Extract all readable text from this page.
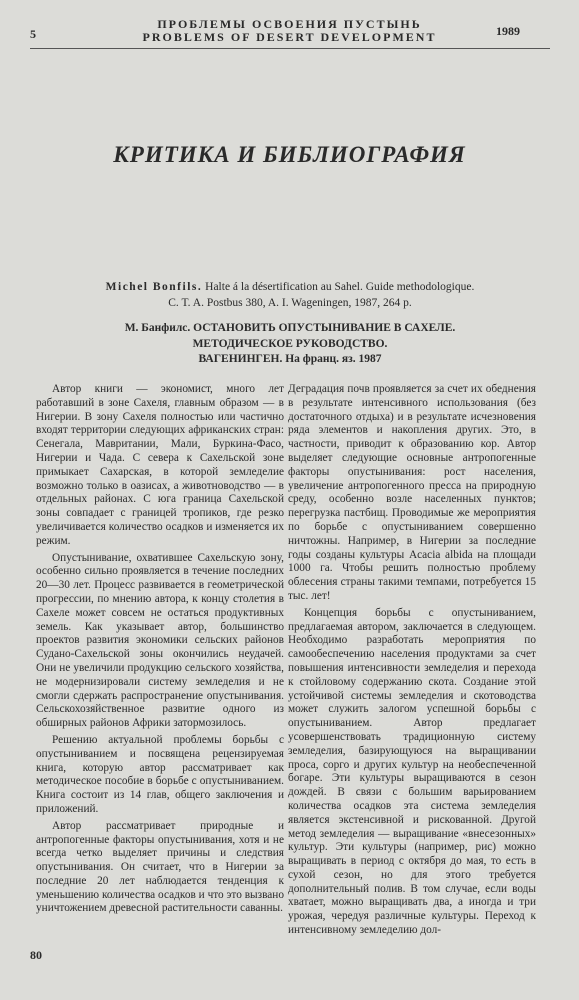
5
ПРОБЛЕМЫ ОСВОЕНИЯ ПУСТЫНЬ
PROBLEMS OF DESERT DEVELOPMENT	1989
КРИТИКА И БИБЛИОГРАФИЯ
Michel Bonfils. Halte á la désertification au Sahel. Guide methodologique.
C. T. A. Postbus 380, A. I. Wageningen, 1987, 264 p.
М. Банфилс. ОСТАНОВИТЬ ОПУСТЫНИВАНИЕ В САХЕЛЕ.
МЕТОДИЧЕСКОЕ РУКОВОДСТВО.
ВАГЕНИНГЕН. На франц. яз. 1987

Автор книги — экономист, много лет работавший в зоне Сахеля, главным образом — в Нигерии. В зону Сахеля полностью или частично входят территории следующих африканских стран: Сенегала, Мавритании, Мали, Буркина-Фасо, Нигерии и Чада. С севера к Сахельской зоне примыкает Сахарская, в которой земледелие возможно только в оазисах, а животноводство — в отдельных районах. С юга граница Сахельской зоны совпадает с границей тропиков, где резко увеличивается количество осадков и изменяется их режим.

Опустынивание, охватившее Сахельскую зону, особенно сильно проявляется в течение последних 20—30 лет. Процесс развивается в геометрической прогрессии, по мнению автора, к концу столетия в Сахеле может совсем не остаться продуктивных земель. Как указывает автор, большинство проектов развития экономики сельских районов Судано-Сахельской зоны окончились неудачей. Они не увеличили продукцию сельского хозяйства, не модернизировали систему земледелия и не смогли сдержать распространение опустынивания. Сельскохозяйственное развитие одного из обширных районов Африки затормозилось.

Решению актуальной проблемы борьбы с опустыниванием и посвящена рецензируемая книга, которую автор рассматривает как методическое пособие в борьбе с опустыниванием. Книга состоит из 14 глав, общего заключения и приложений.

Автор рассматривает природные и антропогенные факторы опустынивания, хотя и не всегда четко выделяет причины и следствия опустынивания. Он считает, что в Нигерии за последние 20 лет наблюдается тенденция к уменьшению количества осадков и что это вызвано уничтожением древесной растительности саванны.

Деградация почв проявляется за счет их обеднения в результате интенсивного использования (без достаточного отдыха) и в результате исчезновения ряда элементов и накопления других. Это, в частности, приводит к образованию кор. Автор выделяет следующие основные антропогенные факторы опустынивания: рост населения, увеличение антропогенного пресса на природную среду, особенно возле населенных пунктов; перегрузка пастбищ. Проводимые же мероприятия по борьбе с опустыниванием совершенно ничтожны. Например, в Нигерии за последние годы созданы культуры Acacia albida на площади 1000 га. Чтобы решить полностью проблему облесения страны такими темпами, потребуется 15 тыс. лет!

Концепция борьбы с опустыниванием, предлагаемая автором, заключается в следующем. Необходимо разработать мероприятия по самообеспечению населения продуктами за счет повышения интенсивности земледелия и перехода к стойловому содержанию скота. Создание этой устойчивой системы земледелия и скотоводства может служить залогом успешной борьбы с опустыниванием. Автор предлагает усовершенствовать традиционную систему земледелия, базирующуюся на выращивании проса, сорго и других культур на необеспеченной богаре. Эти культуры выращиваются в сезон дождей. В связи с большим варьированием количества осадков эта система земледелия является экстенсивной и рискованной. Другой метод земледелия — выращивание «внесезонных» культур. Эти культуры (например, рис) можно выращивать в период с октября до мая, то есть в сухой сезон, но для этого требуется дополнительный полив. В том случае, если воды хватает, можно выращивать два, а иногда и три урожая, чередуя различные культуры. Переход к интенсивному земледелию дол-

80
